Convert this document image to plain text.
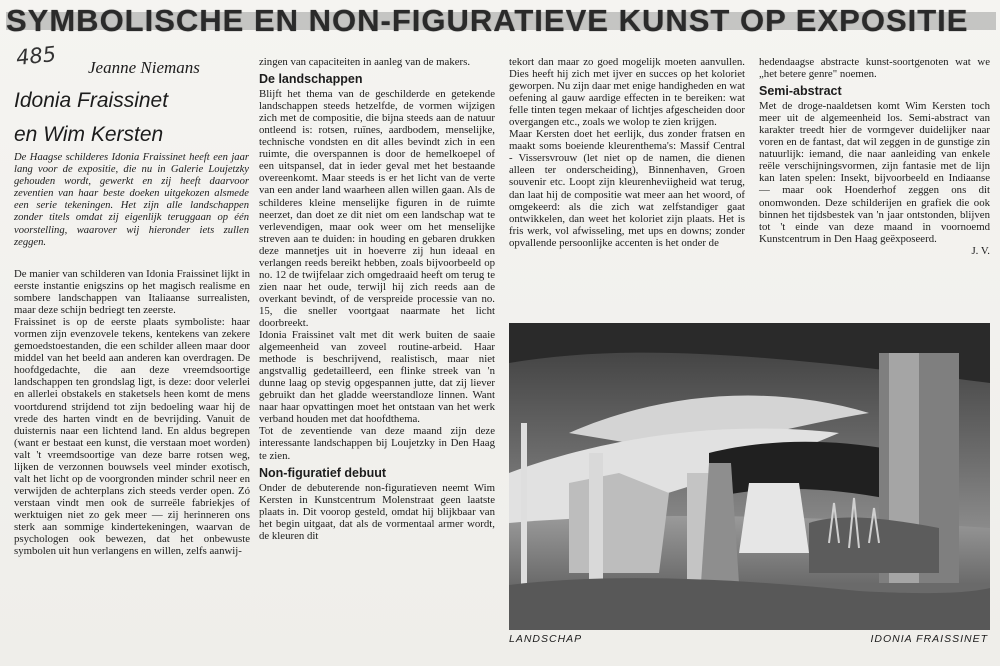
SYMBOLISCHE EN NON-FIGURATIEVE KUNST OP EXPOSITIE
485 Jeanne Niemans
Idonia Fraissinet
en Wim Kersten
De Haagse schilderes Idonia Fraissinet heeft een jaar lang voor de expositie, die nu in Galerie Loujetzky gehouden wordt, gewerkt en zij heeft daarvoor zeventien van haar beste doeken uitgekozen alsmede een serie tekeningen. Het zijn alle landschappen zonder titels omdat zij eigenlijk teruggaan op één voorstelling, waarover wij hieronder iets zullen zeggen.

De manier van schilderen van Idonia Fraissinet lijkt in eerste instantie enigszins op het magisch realisme en sombere landschappen van Italiaanse surrealisten, maar deze schijn bedriegt ten zeerste.

Fraissinet is op de eerste plaats symboliste: haar vormen zijn evenzovele tekens, kentekens van zekere gemoedstoestanden, die een schilder alleen maar door middel van het beeld aan anderen kan overdragen. De hoofdgedachte, die aan deze vreemdsoortige landschappen ten grondslag ligt, is deze: door velerlei en allerlei obstakels en staketsels heen komt de mens voortdurend strijdend tot zijn bedoeling waar hij de vrede des harten vindt en de bevrijding. Vanuit de duisternis naar een lichtend land. En aldus begrepen (want er bestaat een kunst, die verstaan moet worden) valt 't vreemdsoortige van deze barre rotsen weg, lijken de verzonnen bouwsels veel minder exotisch, valt het licht op de voorgronden minder schril neer en verwijden de achterplans zich steeds verder open. Zó verstaan vindt men ook de surreële fabriekjes of werktuigen niet zo gek meer — zij herinneren ons sterk aan sommige kindertekeningen, waarvan de psychologen ook bewezen, dat het onbewuste symbolen uit hun verlangens en willen, zelfs aanwij-

zingen van capaciteiten in aanleg van de makers.

De landschappen

Blijft het thema van de geschilderde en getekende landschappen steeds hetzelfde, de vormen wijzigen zich met de compositie, die bijna steeds aan de natuur ontleend is: rotsen, ruïnes, aardbodem, menselijke, technische vondsten en dit alles bevindt zich in een ruimte, die overspannen is door de hemelkoepel of een uitspansel, dat in ieder geval met het bestaande overeenkomt. Maar steeds is er het licht van de verte van een ander land waarheen allen willen gaan. Als de schilderes kleine menselijke figuren in de ruimte neerzet, dan doet ze dit niet om een landschap wat te verlevendigen, maar ook weer om het menselijke streven aan te duiden: in houding en gebaren drukken deze mannetjes uit in hoeverre zij hun ideaal en verlangen reeds bereikt hebben, zoals bijvoorbeeld op no. 12 de twijfelaar zich omgedraaid heeft om terug te zien naar het oude, terwijl hij zich reeds aan de overkant bevindt, of de verspreide processie van no. 15, die sneller voortgaat naarmate het licht doorbreekt.

Idonia Fraissinet valt met dit werk buiten de saaie algemeenheid van zoveel routine-arbeid. Haar methode is beschrijvend, realistisch, maar niet angstvallig gedetailleerd, een flinke streek van 'n dunne laag op stevig opgespannen jutte, dat zij liever gebruikt dan het gladde weerstandloze linnen. Want naar haar opvattingen moet het ontstaan van het werk verband houden met dat hoofdthema.

Tot de zeventiende van deze maand zijn deze interessante landschappen bij Loujetzky in Den Haag te zien.

Non-figuratief debuut

Onder de debuterende non-figuratieven neemt Wim Kersten in Kunstcentrum Molenstraat geen laatste plaats in. Dit voorop gesteld, omdat hij blijkbaar van het begin uitgaat, dat als de vormentaal armer wordt, de kleuren dit

tekort dan maar zo goed mogelijk moeten aanvullen. Dies heeft hij zich met ijver en succes op het koloriet geworpen. Nu zijn daar met enige handigheden en wat oefening al gauw aardige effecten in te bereiken: wat felle tinten tegen mekaar of lichtjes afgescheiden door overgangen etc., zoals we wolop te zien krijgen.

Maar Kersten doet het eerlijk, dus zonder fratsen en maakt soms boeiende kleurenthema's: Massif Central - Vissersvrouw (let niet op de namen, die dienen alleen ter onderscheiding), Binnenhaven, Groen souvenir etc. Loopt zijn kleurenheviigheid wat terug, dan laat hij de compositie wat meer aan het woord, of omgekeerd: als die zich wat zelfstandiger gaat ontwikkelen, dan weet het koloriet zijn plaats. Het is fris werk, vol afwisseling, met ups en downs; zonder opvallende persoonlijke accenten is het onder de

hedendaagse abstracte kunst-soortgenoten wat we „het betere genre" noemen.

Semi-abstract

Met de droge-naaldetsen komt Wim Kersten toch meer uit de algemeenheid los. Semi-abstract van karakter treedt hier de vormgever duidelijker naar voren en de fantast, dat wil zeggen in de gunstige zin natuurlijk: iemand, die naar aanleiding van enkele reële verschijningsvormen, zijn fantasie met de lijn kan laten spelen: Insekt, bijvoorbeeld en Indiaanse — maar ook Hoenderhof zeggen ons dit onomwonden. Deze schilderijen en grafiek die ook binnen het tijdsbestek van 'n jaar ontstonden, blijven tot 't einde van deze maand in voornoemd Kunstcentrum in Den Haag geëxposeerd.

J. V.

LANDSCHAP	IDONIA FRAISSINET
